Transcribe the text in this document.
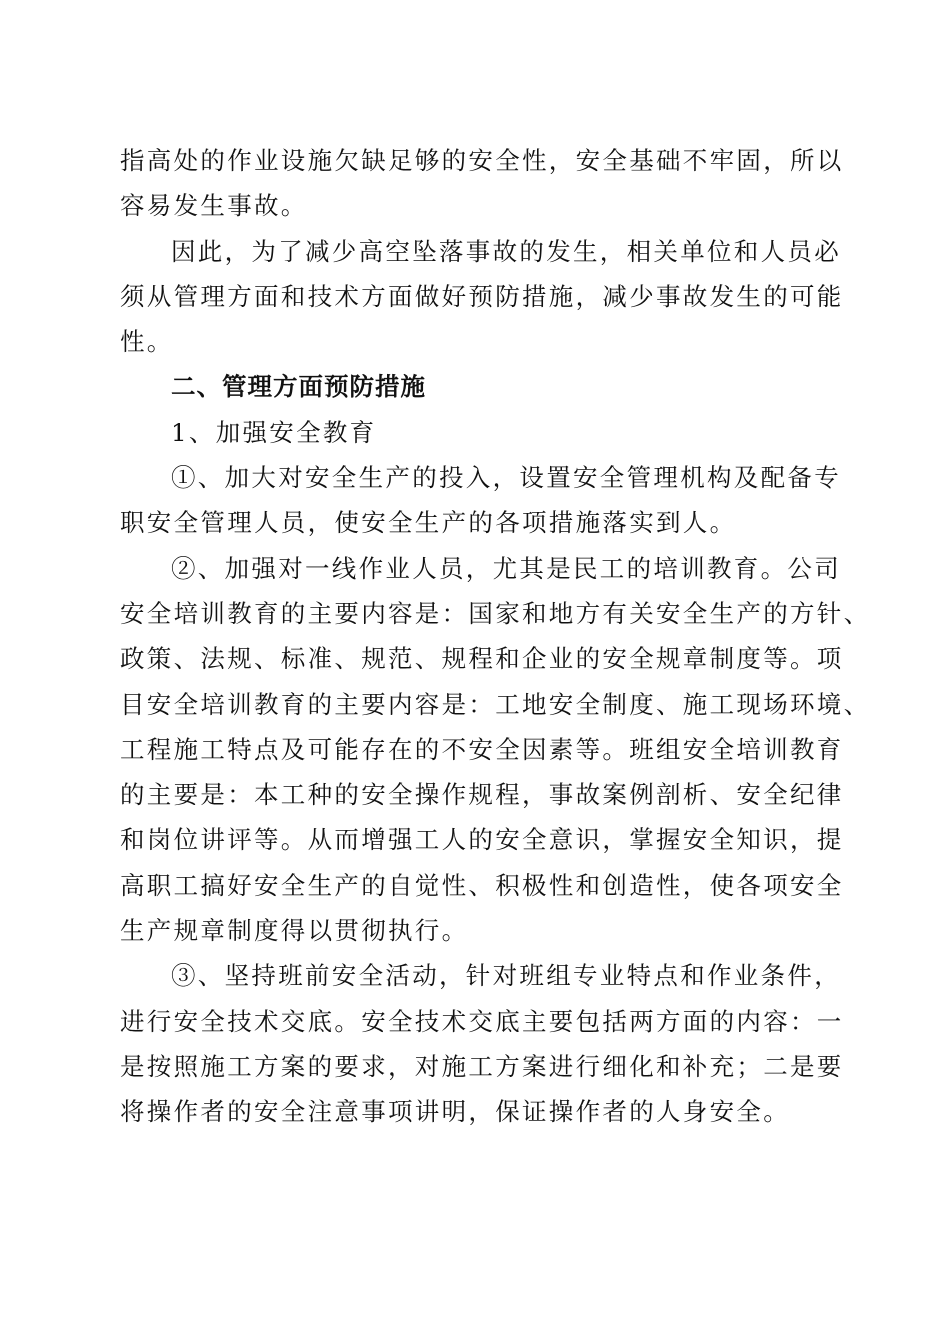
指高处的作业设施欠缺足够的安全性，安全基础不牢固，所以
容易发生事故。
因此，为了减少高空坠落事故的发生，相关单位和人员必
须从管理方面和技术方面做好预防措施，减少事故发生的可能
性。
二、管理方面预防措施
1、加强安全教育
①、加大对安全生产的投入，设置安全管理机构及配备专
职安全管理人员，使安全生产的各项措施落实到人。
②、加强对一线作业人员，尤其是民工的培训教育。公司
安全培训教育的主要内容是：国家和地方有关安全生产的方针、
政策、法规、标准、规范、规程和企业的安全规章制度等。项
目安全培训教育的主要内容是：工地安全制度、施工现场环境、
工程施工特点及可能存在的不安全因素等。班组安全培训教育
的主要是：本工种的安全操作规程，事故案例剖析、安全纪律
和岗位讲评等。从而增强工人的安全意识，掌握安全知识，提
高职工搞好安全生产的自觉性、积极性和创造性，使各项安全
生产规章制度得以贯彻执行。
③、坚持班前安全活动，针对班组专业特点和作业条件，
进行安全技术交底。安全技术交底主要包括两方面的内容：一
是按照施工方案的要求，对施工方案进行细化和补充；二是要
将操作者的安全注意事项讲明，保证操作者的人身安全。
